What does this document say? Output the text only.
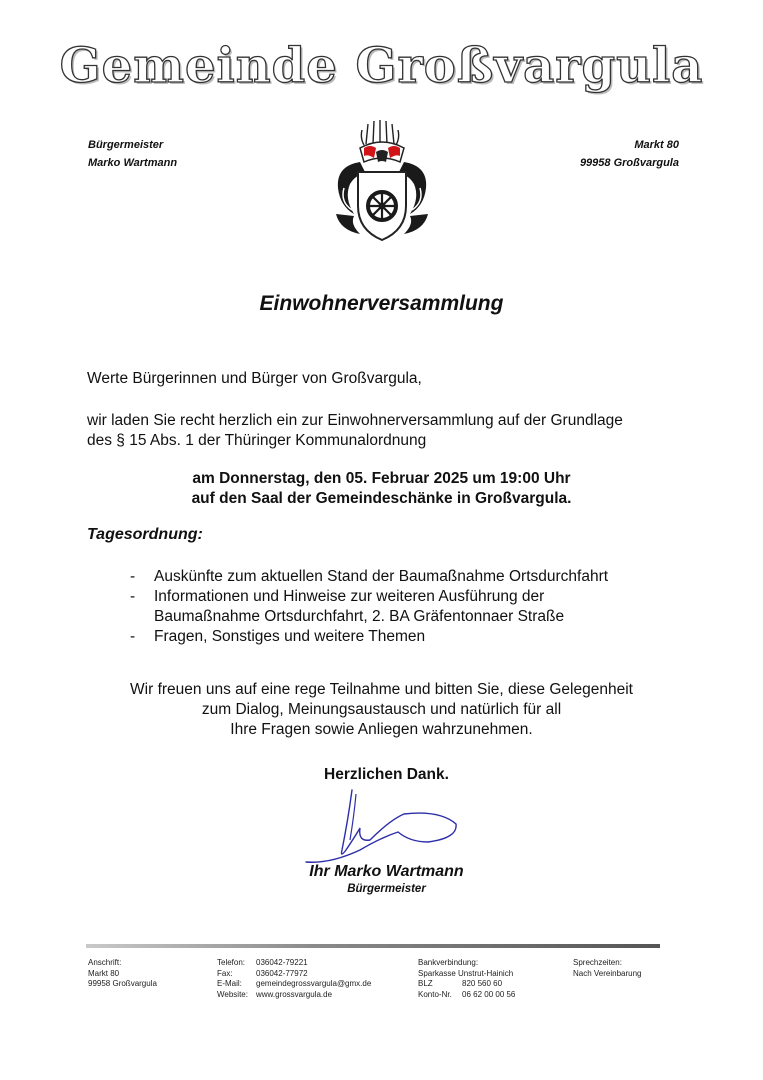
Gemeinde Großvargula
Bürgermeister
Marko Wartmann
Markt 80
99958 Großvargula
Einwohnerversammlung
Werte Bürgerinnen und Bürger von Großvargula,
wir laden Sie recht herzlich ein zur Einwohnerversammlung auf der Grundlage
des § 15 Abs. 1 der Thüringer Kommunalordnung
am Donnerstag, den 05. Februar 2025 um 19:00 Uhr
auf den Saal der Gemeindeschänke in Großvargula.
Tagesordnung:
- Auskünfte zum aktuellen Stand der Baumaßnahme Ortsdurchfahrt
- Informationen und Hinweise zur weiteren Ausführung der
Baumaßnahme Ortsdurchfahrt, 2. BA Gräfentonnaer Straße
- Fragen, Sonstiges und weitere Themen
Wir freuen uns auf eine rege Teilnahme und bitten Sie, diese Gelegenheit
zum Dialog, Meinungsaustausch und natürlich für all
Ihre Fragen sowie Anliegen wahrzunehmen.
Herzlichen Dank.
Ihr Marko Wartmann
Bürgermeister
Anschrift:
Markt 80
99958 Großvargula
Telefon: 036042-79221
Fax:	036042-77972
E-Mail: gemeindegrossvargula@gmx.de
Website: www.grossvargula.de
Bankverbindung:
Sparkasse Unstrut-Hainich
BLZ	820 560 60
Konto-Nr. 06 62 00 00 56
Sprechzeiten:
Nach Vereinbarung
